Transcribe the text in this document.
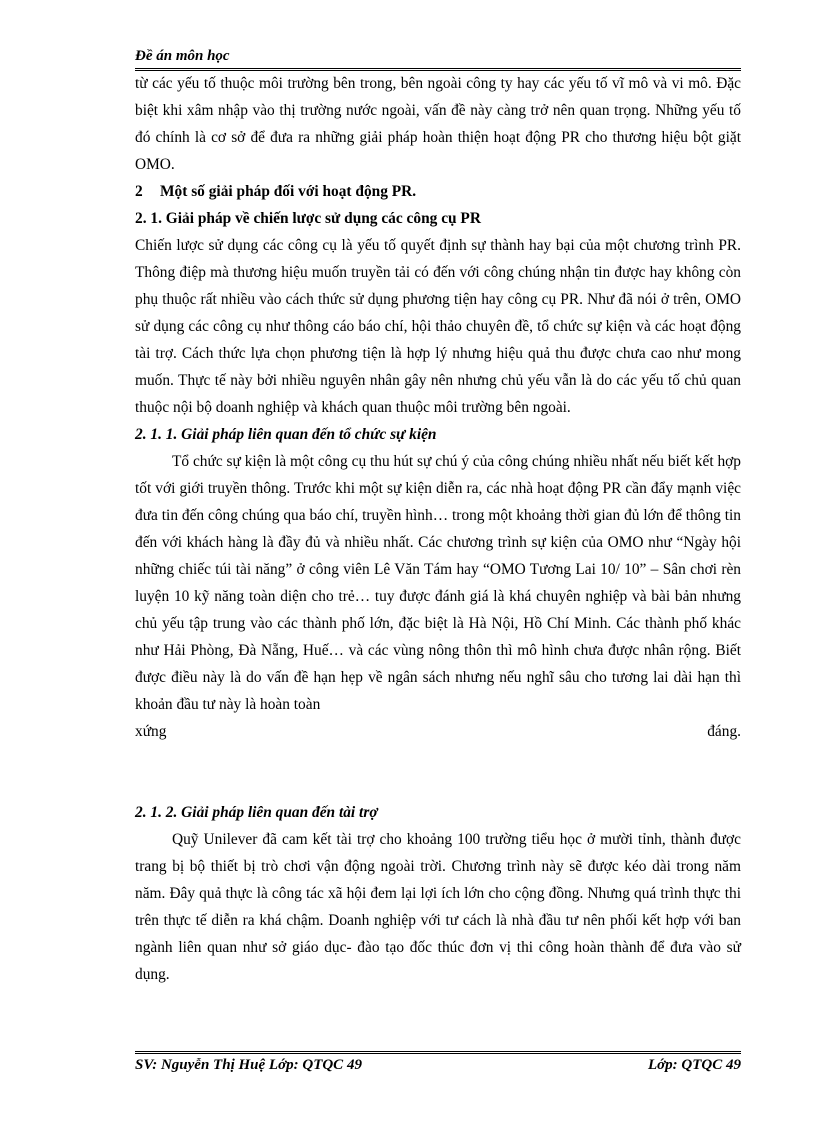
Đề án môn học

từ các yếu tố thuộc môi trường bên trong, bên ngoài công ty hay các yếu tố vĩ mô và vi mô. Đặc biệt khi xâm nhập vào thị trường nước ngoài, vấn đề này càng trở nên quan trọng. Những yếu tố đó chính là cơ sở để đưa ra những giải pháp hoàn thiện hoạt động PR cho thương hiệu bột giặt OMO.

2 Một số giải pháp đối với hoạt động PR.

2. 1. Giải pháp về chiến lược sử dụng các công cụ PR

Chiến lược sử dụng các công cụ là yếu tố quyết định sự thành hay bại của một chương trình PR. Thông điệp mà thương hiệu muốn truyền tải có đến với công chúng nhận tin được hay không còn phụ thuộc rất nhiều vào cách thức sử dụng phương tiện hay công cụ PR. Như đã nói ở trên, OMO sử dụng các công cụ như thông cáo báo chí, hội thảo chuyên đề, tổ chức sự kiện và các hoạt động tài trợ. Cách thức lựa chọn phương tiện là hợp lý nhưng hiệu quả thu được chưa cao như mong muốn. Thực tế này bởi nhiều nguyên nhân gây nên nhưng chủ yếu vẫn là do các yếu tố chủ quan thuộc nội bộ doanh nghiệp và khách quan thuộc môi trường bên ngoài.

2. 1. 1. Giải pháp liên quan đến tổ chức sự kiện

Tổ chức sự kiện là một công cụ thu hút sự chú ý của công chúng nhiều nhất nếu biết kết hợp tốt với giới truyền thông. Trước khi một sự kiện diễn ra, các nhà hoạt động PR cần đẩy mạnh việc đưa tin đến công chúng qua báo chí, truyền hình… trong một khoảng thời gian đủ lớn để thông tin đến với khách hàng là đầy đủ và nhiều nhất. Các chương trình sự kiện của OMO như “Ngày hội những chiếc túi tài năng” ở công viên Lê Văn Tám hay “OMO Tương Lai 10/ 10” – Sân chơi rèn luyện 10 kỹ năng toàn diện cho trẻ… tuy được đánh giá là khá chuyên nghiệp và bài bản nhưng chủ yếu tập trung vào các thành phố lớn, đặc biệt là Hà Nội, Hồ Chí Minh. Các thành phố khác như Hải Phòng, Đà Nẵng, Huế… và các vùng nông thôn thì mô hình chưa được nhân rộng. Biết được điều này là do vấn đề hạn hẹp về ngân sách nhưng nếu nghĩ sâu cho tương lai dài hạn thì khoản đầu tư này là hoàn toàn

xứng	đáng.

2. 1. 2. Giải pháp liên quan đến tài trợ

Quỹ Unilever đã cam kết tài trợ cho khoảng 100 trường tiểu học ở mười tỉnh, thành được trang bị bộ thiết bị trò chơi vận động ngoài trời. Chương trình này sẽ được kéo dài trong năm năm. Đây quả thực là công tác xã hội đem lại lợi ích lớn cho cộng đồng. Nhưng quá trình thực thi trên thực tế diễn ra khá chậm. Doanh nghiệp với tư cách là nhà đầu tư nên phối kết hợp với ban ngành liên quan như sở giáo dục- đào tạo đốc thúc đơn vị thi công hoàn thành để đưa vào sử dụng.

SV: Nguyễn Thị Huệ Lớp: QTQC 49	Lớp: QTQC 49
